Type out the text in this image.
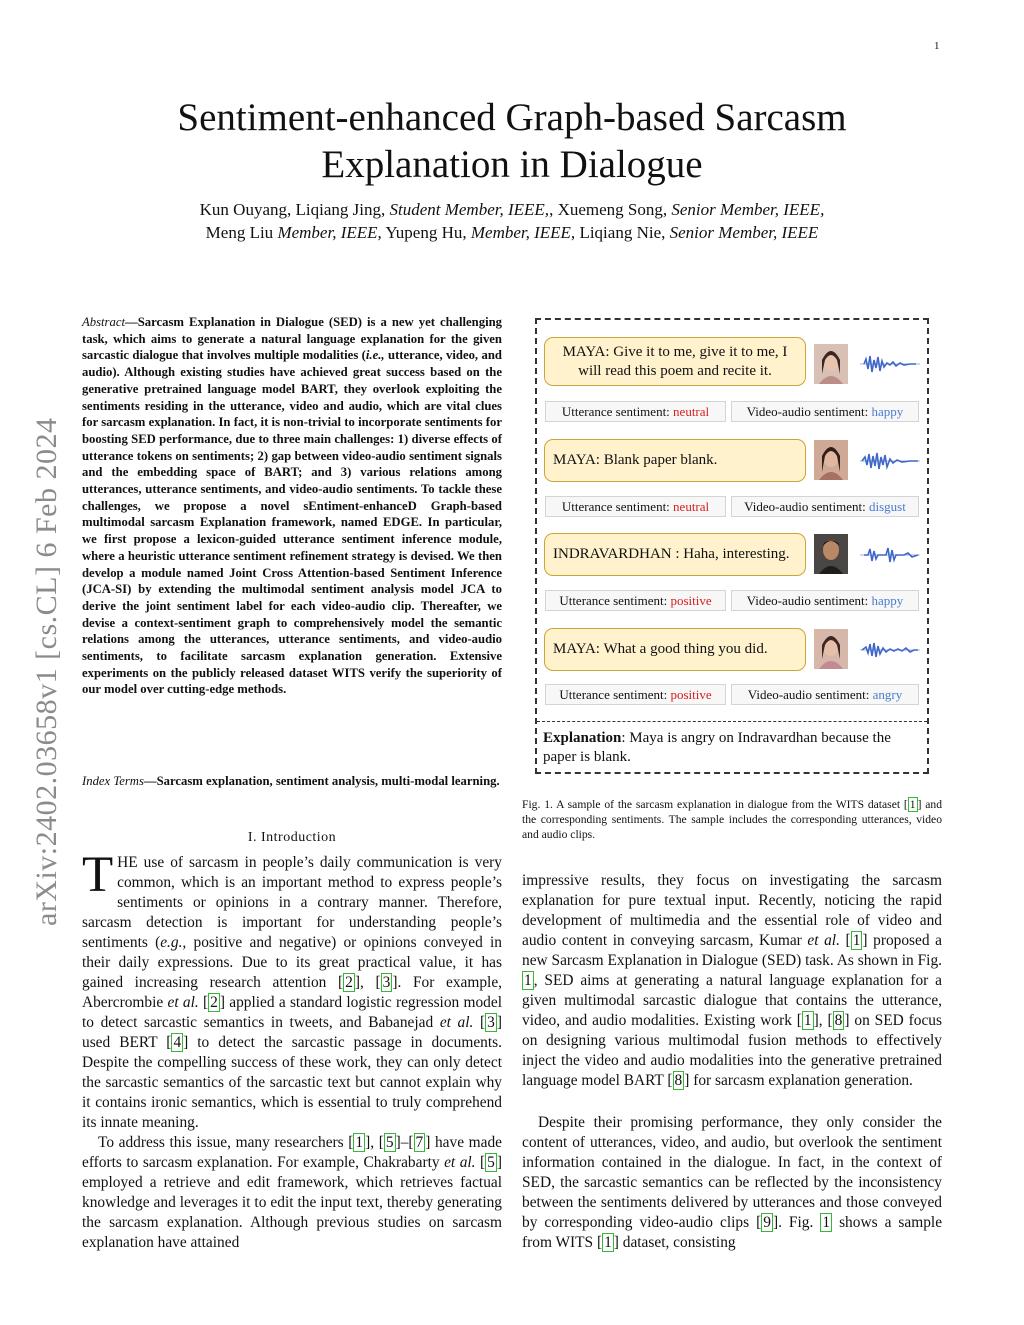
1
arXiv:2402.03658v1 [cs.CL] 6 Feb 2024
Sentiment-enhanced Graph-based Sarcasm Explanation in Dialogue
Kun Ouyang, Liqiang Jing, Student Member, IEEE,, Xuemeng Song, Senior Member, IEEE,
Meng Liu Member, IEEE, Yupeng Hu, Member, IEEE, Liqiang Nie, Senior Member, IEEE
Abstract—Sarcasm Explanation in Dialogue (SED) is a new yet challenging task, which aims to generate a natural language explanation for the given sarcastic dialogue that involves multiple modalities (i.e., utterance, video, and audio). Although existing studies have achieved great success based on the generative pretrained language model BART, they overlook exploiting the sentiments residing in the utterance, video and audio, which are vital clues for sarcasm explanation. In fact, it is non-trivial to incorporate sentiments for boosting SED performance, due to three main challenges: 1) diverse effects of utterance tokens on sentiments; 2) gap between video-audio sentiment signals and the embedding space of BART; and 3) various relations among utterances, utterance sentiments, and video-audio sentiments. To tackle these challenges, we propose a novel sEntiment-enhanceD Graph-based multimodal sarcasm Explanation framework, named EDGE. In particular, we first propose a lexicon-guided utterance sentiment inference module, where a heuristic utterance sentiment refinement strategy is devised. We then develop a module named Joint Cross Attention-based Sentiment Inference (JCA-SI) by extending the multimodal sentiment analysis model JCA to derive the joint sentiment label for each video-audio clip. Thereafter, we devise a context-sentiment graph to comprehensively model the semantic relations among the utterances, utterance sentiments, and video-audio sentiments, to facilitate sarcasm explanation generation. Extensive experiments on the publicly released dataset WITS verify the superiority of our model over cutting-edge methods.
Index Terms—Sarcasm explanation, sentiment analysis, multi-modal learning.
I. Introduction
THE use of sarcasm in people’s daily communication is very common, which is an important method to express people’s sentiments or opinions in a contrary manner. Therefore, sarcasm detection is important for understanding people’s sentiments (e.g., positive and negative) or opinions conveyed in their daily expressions. Due to its great practical value, it has gained increasing research attention [ 2 ], [ 3 ]. For example, Abercrombie et al. [ 2 ] applied a standard logistic regression model to detect sarcastic semantics in tweets, and Babanejad et al. [ 3 ] used BERT [ 4 ] to detect the sarcastic passage in documents. Despite the compelling success of these work, they can only detect the sarcastic semantics of the sarcastic text but cannot explain why it contains ironic semantics, which is essential to truly comprehend its innate meaning.
To address this issue, many researchers [ 1 ], [ 5 ]–[ 7 ] have made efforts to sarcasm explanation. For example, Chakrabarty et al. [ 5 ] employed a retrieve and edit framework, which retrieves factual knowledge and leverages it to edit the input text, thereby generating the sarcasm explanation. Although previous studies on sarcasm explanation have attained
MAYA: Give it to me, give it to me, I will read this poem and recite it.
Utterance sentiment: neutral	Video-audio sentiment: happy
MAYA: Blank paper blank.
Utterance sentiment: neutral	Video-audio sentiment: disgust
INDRAVARDHAN : Haha, interesting.
Utterance sentiment: positive	Video-audio sentiment: happy
MAYA: What a good thing you did.
Utterance sentiment: positive	Video-audio sentiment: angry
Explanation: Maya is angry on Indravardhan because the paper is blank.
Fig. 1. A sample of the sarcasm explanation in dialogue from the WITS dataset [ 1 ] and the corresponding sentiments. The sample includes the corresponding utterances, video and audio clips.
impressive results, they focus on investigating the sarcasm explanation for pure textual input. Recently, noticing the rapid development of multimedia and the essential role of video and audio content in conveying sarcasm, Kumar et al. [ 1 ] proposed a new Sarcasm Explanation in Dialogue (SED) task. As shown in Fig. 1 , SED aims at generating a natural language explanation for a given multimodal sarcastic dialogue that contains the utterance, video, and audio modalities. Existing work [ 1 ], [ 8 ] on SED focus on designing various multimodal fusion methods to effectively inject the video and audio modalities into the generative pretrained language model BART [ 8 ] for sarcasm explanation generation.
Despite their promising performance, they only consider the content of utterances, video, and audio, but overlook the sentiment information contained in the dialogue. In fact, in the context of SED, the sarcastic semantics can be reflected by the inconsistency between the sentiments delivered by utterances and those conveyed by corresponding video-audio clips [ 9 ]. Fig. 1 shows a sample from WITS [ 1 ] dataset, consisting
